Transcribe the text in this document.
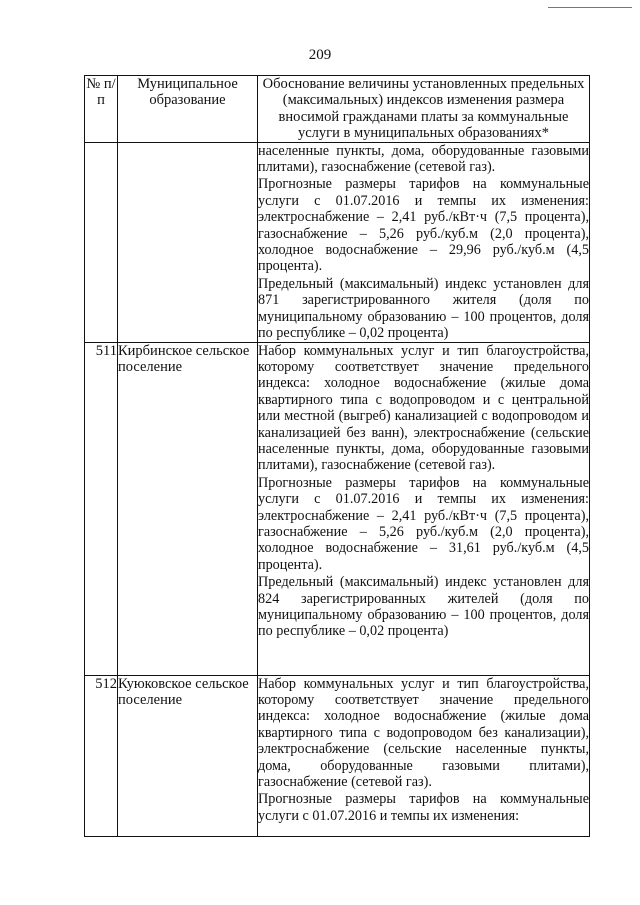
209
№ п/п	Муниципальное образование	Обоснование величины установленных предельных (максимальных) индексов изменения размера вносимой гражданами платы за коммунальные услуги в муниципальных образованиях*

		населенные пункты, дома, оборудованные газовыми плитами), газоснабжение (сетевой газ).

Прогнозные размеры тарифов на коммунальные услуги с 01.07.2016 и темпы их изменения: электроснабжение – 2,41 руб./кВт·ч (7,5 процента), газоснабжение – 5,26 руб./куб.м (2,0 процента), холодное водоснабжение – 29,96 руб./куб.м (4,5 процента).

Предельный (максимальный) индекс установлен для 871 зарегистрированного жителя (доля по муниципальному образованию – 100 процентов, доля по республике – 0,02 процента)

511	Кирбинское сельское поселение	Набор коммунальных услуг и тип благоустройства, которому соответствует значение предельного индекса: холодное водоснабжение (жилые дома квартирного типа с водопроводом и с центральной или местной (выгреб) канализацией с водопроводом и канализацией без ванн), электроснабжение (сельские населенные пункты, дома, оборудованные газовыми плитами), газоснабжение (сетевой газ).

Прогнозные размеры тарифов на коммунальные услуги с 01.07.2016 и темпы их изменения: электроснабжение – 2,41 руб./кВт·ч (7,5 процента), газоснабжение – 5,26 руб./куб.м (2,0 процента), холодное водоснабжение – 31,61 руб./куб.м (4,5 процента).

Предельный (максимальный) индекс установлен для 824 зарегистрированных жителей (доля по муниципальному образованию – 100 процентов, доля по республике – 0,02 процента)

512	Куюковское сельское поселение	Набор коммунальных услуг и тип благоустройства, которому соответствует значение предельного индекса: холодное водоснабжение (жилые дома квартирного типа с водопроводом без канализации), электроснабжение (сельские населенные пункты, дома, оборудованные газовыми плитами), газоснабжение (сетевой газ).

Прогнозные размеры тарифов на коммунальные услуги с 01.07.2016 и темпы их изменения:
